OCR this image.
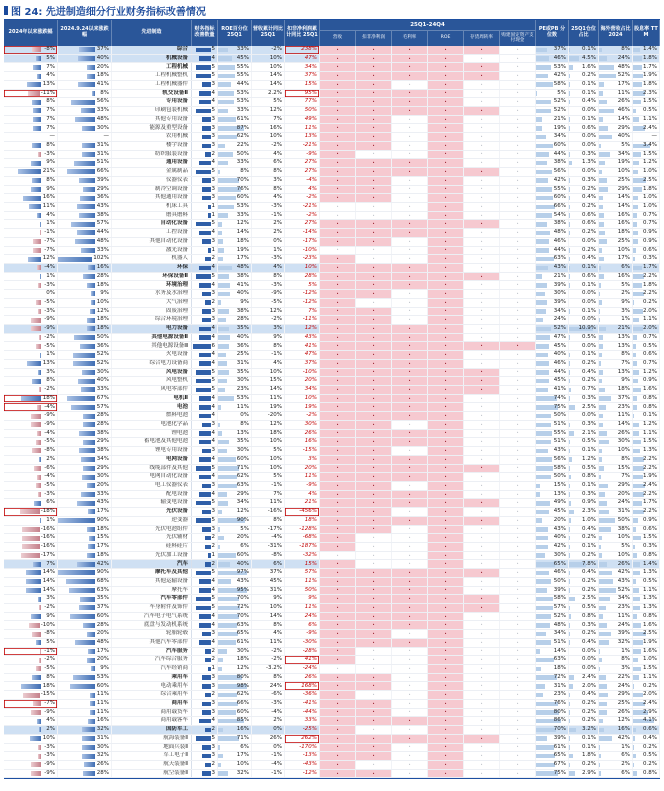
图 24: 先进制造细分行业财务指标改善情况
2024年以来涨跌幅	2024.9.24以来涨跌幅	先进制造	财务指标改善数量
ROE百分位 25Q1
营收累计同比 25Q1
扣非净利润累计同比 25Q1
25Q1-24Q4
营收	扣非净利润	毛利率	ROE	存货周转率	购建固定资产支付现金
PE或PB 分位数
25Q1仓位占比
海外营收占比2024
股息率 TTM
-8%	37%	综合	5	33%	-2%	238%	•	•	•	•	•	•	37%	0.1%	8%	1.4%
5%	40%	机械设备	4	45%	10%	47%	•	•	•	•	•	•	46%	4.5%	24%	1.8%
7%	20%	工程机械	5	55%	10%	34%	•	•	•	•	•	•	53%	1.6%	48%	1.7%
4%	18%	工程机械整机	5	55%	14%	37%	•	•	•	•	•	•	42%	0.2%	52%	1.9%
13%	41%	工程机械器件	3	44%	14%	15%	•	•	•	•	•	•	58%	0.1%	17%	1.8%
-11%	8%	轨交设备Ⅱ	4	53%	2.2%	95%	•	•	•	•	•	•	5%	0.1%	11%	2.3%
8%	56%	专用设备	4	53%	5%	77%	•	•	•	•	•	•	52%	0.4%	26%	1.5%
7%	33%	印刷包装机械	5	33%	12%	50%	•	•	•	•	•	•	52%	0.0%	46%	0.5%
7%	48%	其他专用设备	3	61%	7%	49%	•	•	•	•	•	•	21%	0.1%	14%	1.1%
7%	30%	能源及重型设备	3	87%	16%	11%	•	•	•	•	•	•	19%	0.6%	29%	2.4%
—	—	农用机械	3	62%	10%	13%	•	•	•	•	•	•	34%	0.0%	40%	—
8%	31%	楼宇设备	3	22%	-2%	-21%	•	•	•	•	•	•	60%	0.0%	5%	3.4%
-3%	31%	纺织服装设备	2	50%	4%	-9%	•	•	•	•	•	•	44%	0.3%	34%	1.5%
9%	51%	通用设备	4	33%	6%	27%	•	•	•	•	•	•	38%	1.3%	19%	1.2%
21%	66%	金属制品	5	8%	8%	27%	•	•	•	•	•	•	56%	0.0%	10%	1.0%
8%	39%	仪器仪表	3	70%	3%	-4%	•	•	•	•	•	•	42%	0.3%	25%	2.5%
9%	29%	制冷空调设备	3	76%	8%	4%	•	•	•	•	•	•	55%	0.2%	29%	1.8%
16%	36%	其他通用设备	3	60%	4%	-2%	•	•	•	•	•	•	60%	0.4%	14%	1.0%
11%	43%	机床工具	1	53%	-3%	-21%	•	•	•	•	•	•	66%	0.2%	14%	1.0%
4%	38%	磨具磨料	1	33%	-1%	-2%	•	•	•	•	•	•	54%	0.6%	16%	0.7%
1%	57%	自动化设备	5	12%	2%	27%	•	•	•	•	•	•	38%	0.6%	16%	0.7%
-1%	44%	工控设备	4	14%	2%	-14%	•	•	•	•	•	•	48%	0.2%	18%	0.9%
-7%	48%	其他自动化设备	3	18%	0%	-17%	•	•	•	•	•	•	46%	0.0%	25%	0.9%
-7%	33%	激光设备	1	19%	1%	-10%	•	•	•	•	•	•	44%	0.2%	10%	0.6%
12%	102%	机器人	2	17%	-3%	-23%	•	•	•	•	•	•	63%	0.4%	17%	0.3%
-4%	16%	环保	4	48%	4%	10%	•	•	•	•	•	•	43%	0.1%	6%	1.7%
1%	28%	环保设备Ⅱ	5	38%	8%	28%	•	•	•	•	•	•	21%	0.6%	16%	2.2%
-3%	18%	环境治理	4	41%	-3%	5%	•	•	•	•	•	•	39%	0.1%	5%	1.8%
0%	9%	水务及水治理	3	40%	-9%	-12%	•	•	•	•	•	•	30%	0.0%	2%	2.2%
-5%	10%	大气治理	2	9%	-5%	-12%	•	•	•	•	•	•	39%	0.0%	9%	0.2%
-3%	12%	固废治理	3	38%	12%	7%	•	•	•	•	•	•	34%	0.1%	3%	2.0%
-9%	18%	综合环境治理	3	28%	-2%	-11%	•	•	•	•	•	•	24%	0.0%	1%	1.1%
-9%	18%	电力设备	4	35%	3%	12%	•	•	•	•	•	•	52%	10.9%	21%	2.0%
-2%	50%	其他电源设备Ⅱ	4	40%	9%	43%	•	•	•	•	•	•	47%	0.5%	13%	0.7%
-5%	36%	其他电源设备Ⅲ	6	36%	8%	41%	•	•	•	•	•	•	45%	0.0%	13%	0.5%
1%	52%	火电设备	4	25%	-1%	47%	•	•	•	•	•	•	40%	0.1%	8%	0.6%
13%	52%	综合电力设备商	4	31%	4%	37%	•	•	•	•	•	•	46%	0.2%	7%	0.7%
3%	30%	风电设备	5	35%	10%	-10%	•	•	•	•	•	•	44%	0.4%	13%	1.2%
8%	40%	风电整机	5	30%	15%	20%	•	•	•	•	•	•	45%	0.2%	9%	0.9%
-2%	33%	风电零部件	5	23%	14%	34%	•	•	•	•	•	•	41%	0.7%	18%	1.6%
18%	67%	电机Ⅱ	4	53%	11%	10%	•	•	•	•	•	•	74%	0.3%	37%	0.8%
-4%	57%	电池	4	11%	19%	19%	•	•	•	•	•	•	75%	2.5%	23%	0.8%
-9%	28%	燃料电池	4	0%	-20%	-2%	•	•	•	•	•	•	50%	0.0%	11%	0.1%
-9%	28%	电池化学品	3	8%	12%	30%	•	•	•	•	•	•	51%	0.3%	14%	1.2%
-4%	38%	锂电池	4	13%	18%	26%	•	•	•	•	•	•	55%	2.1%	26%	1.1%
-5%	29%	蓄电池及其他电池	4	35%	10%	16%	•	•	•	•	•	•	51%	0.5%	30%	1.5%
-8%	38%	锂电专用设备	3	30%	5%	-15%	•	•	•	•	•	•	43%	0.1%	10%	1.3%
2%	34%	电网设备	4	60%	10%	3%	•	•	•	•	•	•	56%	1.2%	8%	2.2%
-6%	29%	线缆部件及其他	5	71%	10%	20%	•	•	•	•	•	•	58%	0.5%	15%	2.2%
-4%	30%	电网自动化设备	4	62%	5%	11%	•	•	•	•	•	•	50%	0.8%	7%	1.9%
-5%	20%	电工仪器仪表	3	63%	-1%	-9%	•	•	•	•	•	•	15%	0.1%	29%	2.4%
-3%	33%	配电设备	4	29%	7%	4%	•	•	•	•	•	•	13%	0.3%	20%	2.2%
6%	43%	输变电设备	5	34%	11%	21%	•	•	•	•	•	•	49%	0.9%	24%	1.7%
-18%	17%	光伏设备	3	12%	-16%	-456%	•	•	•	•	•	•	45%	2.3%	31%	2.2%
1%	90%	逆变器	5	90%	8%	18%	•	•	•	•	•	•	20%	1.0%	50%	0.9%
-16%	18%	光伏电池组件	3	5%	-17%	-128%	•	•	•	•	•	•	43%	0.4%	38%	0.6%
-16%	15%	光伏辅材	2	20%	-4%	-68%	•	•	•	•	•	•	40%	0.2%	10%	1.5%
-16%	17%	硅料硅片	2	6%	-31%	-187%	•	•	•	•	•	•	42%	0.1%	5%	0.3%
-17%	18%	光伏加工设备	1	60%	-8%	-32%	•	•	•	•	•	•	30%	0.2%	10%	0.8%
7%	42%	汽车	2	40%	6%	15%	•	•	•	•	•	•	65%	7.8%	26%	1.4%
14%	90%	摩托车及其他	5	97%	37%	57%	•	•	•	•	•	•	46%	0.4%	42%	1.3%
14%	68%	其他运输设备	4	43%	45%	11%	•	•	•	•	•	•	50%	0.2%	43%	0.5%
14%	63%	摩托车	4	95%	31%	50%	•	•	•	•	•	•	39%	0.2%	52%	1.1%
3%	35%	汽车零部件	5	70%	9%	9%	•	•	•	•	•	•	58%	2.5%	34%	1.3%
-2%	37%	车身附件及饰件	5	72%	10%	11%	•	•	•	•	•	•	57%	0.5%	23%	1.3%
9%	60%	汽车电子电气系统	4	70%	14%	24%	•	•	•	•	•	•	52%	0.8%	11%	0.8%
-10%	28%	底盘与发动机系统	4	63%	8%	6%	•	•	•	•	•	•	48%	0.3%	24%	1.6%
-8%	20%	轮胎轮毂	3	65%	4%	-9%	•	•	•	•	•	•	34%	0.2%	39%	2.5%
5%	48%	其他汽车零部件	4	61%	11%	-30%	•	•	•	•	•	•	51%	0.4%	32%	1.9%
-1%	17%	汽车服务	2	30%	-2%	-28%	•	•	•	•	•	•	14%	0.0%	1%	1.6%
-2%	20%	汽车综合服务	2	18%	-2%	41%	•	•	•	•	•	•	63%	0.0%	8%	1.0%
-5%	9%	汽车经销商	1	12%	-3.2%	-24%	•	•	•	•	•	•	18%	0.0%	3%	1.5%
8%	53%	乘用车	3	80%	8%	26%	•	•	•	•	•	•	72%	2.4%	22%	1.1%
18%	60%	电动乘用车	3	98%	24%	168%	•	•	•	•	•	•	31%	2.0%	24%	0.2%
-15%	11%	综合乘用车	2	62%	-6%	-36%	•	•	•	•	•	•	23%	0.4%	29%	2.0%
-7%	11%	商用车	3	66%	-3%	-41%	•	•	•	•	•	•	76%	0.2%	25%	2.4%
-9%	11%	商用载货车	3	60%	-4%	-44%	•	•	•	•	•	•	80%	0.2%	26%	2.9%
4%	16%	商用载客车	4	85%	2%	33%	•	•	•	•	•	•	86%	0.2%	12%	4.1%
2%	32%	国防军工	2	16%	0%	-25%	•	•	•	•	•	•	70%	3.2%	16%	0.6%
10%	31%	航海装备Ⅱ	5	71%	26%	262%	•	•	•	•	•	•	39%	0.1%	42%	0.4%
-3%	30%	地面兵装Ⅱ	3	6%	0%	-170%	•	•	•	•	•	•	61%	0.1%	1%	0.2%
-3%	32%	军工电子Ⅱ	3	17%	-1%	-13%	•	•	•	•	•	•	65%	1.8%	6%	0.5%
-9%	26%	航天装备Ⅱ	2	10%	-4%	-43%	•	•	•	•	•	•	67%	0.2%	2%	0.2%
-9%	28%	航空装备Ⅱ	3	32%	-1%	-12%	•	•	•	•	•	•	75%	2.9%	6%	0.8%
